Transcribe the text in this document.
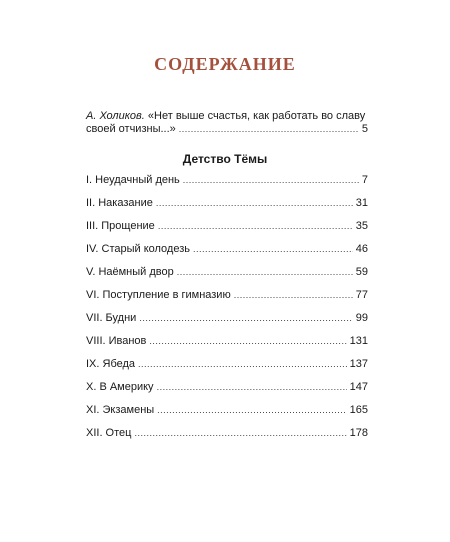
СОДЕРЖАНИЕ
А. Холиков. «Нет выше счастья, как работать во славу
своей отчизны...» .....	5
Детство Тёмы
I. Неудачный день .....	7
II. Наказание .....	31
III. Прощение .....	35
IV. Старый колодезь .....	46
V. Наёмный двор .....	59
VI. Поступление в гимназию .....	77
VII. Будни .....	99
VIII. Иванов .....	131
IX. Ябеда .....	137
X. В Америку .....	147
XI. Экзамены .....	165
XII. Отец .....	178
